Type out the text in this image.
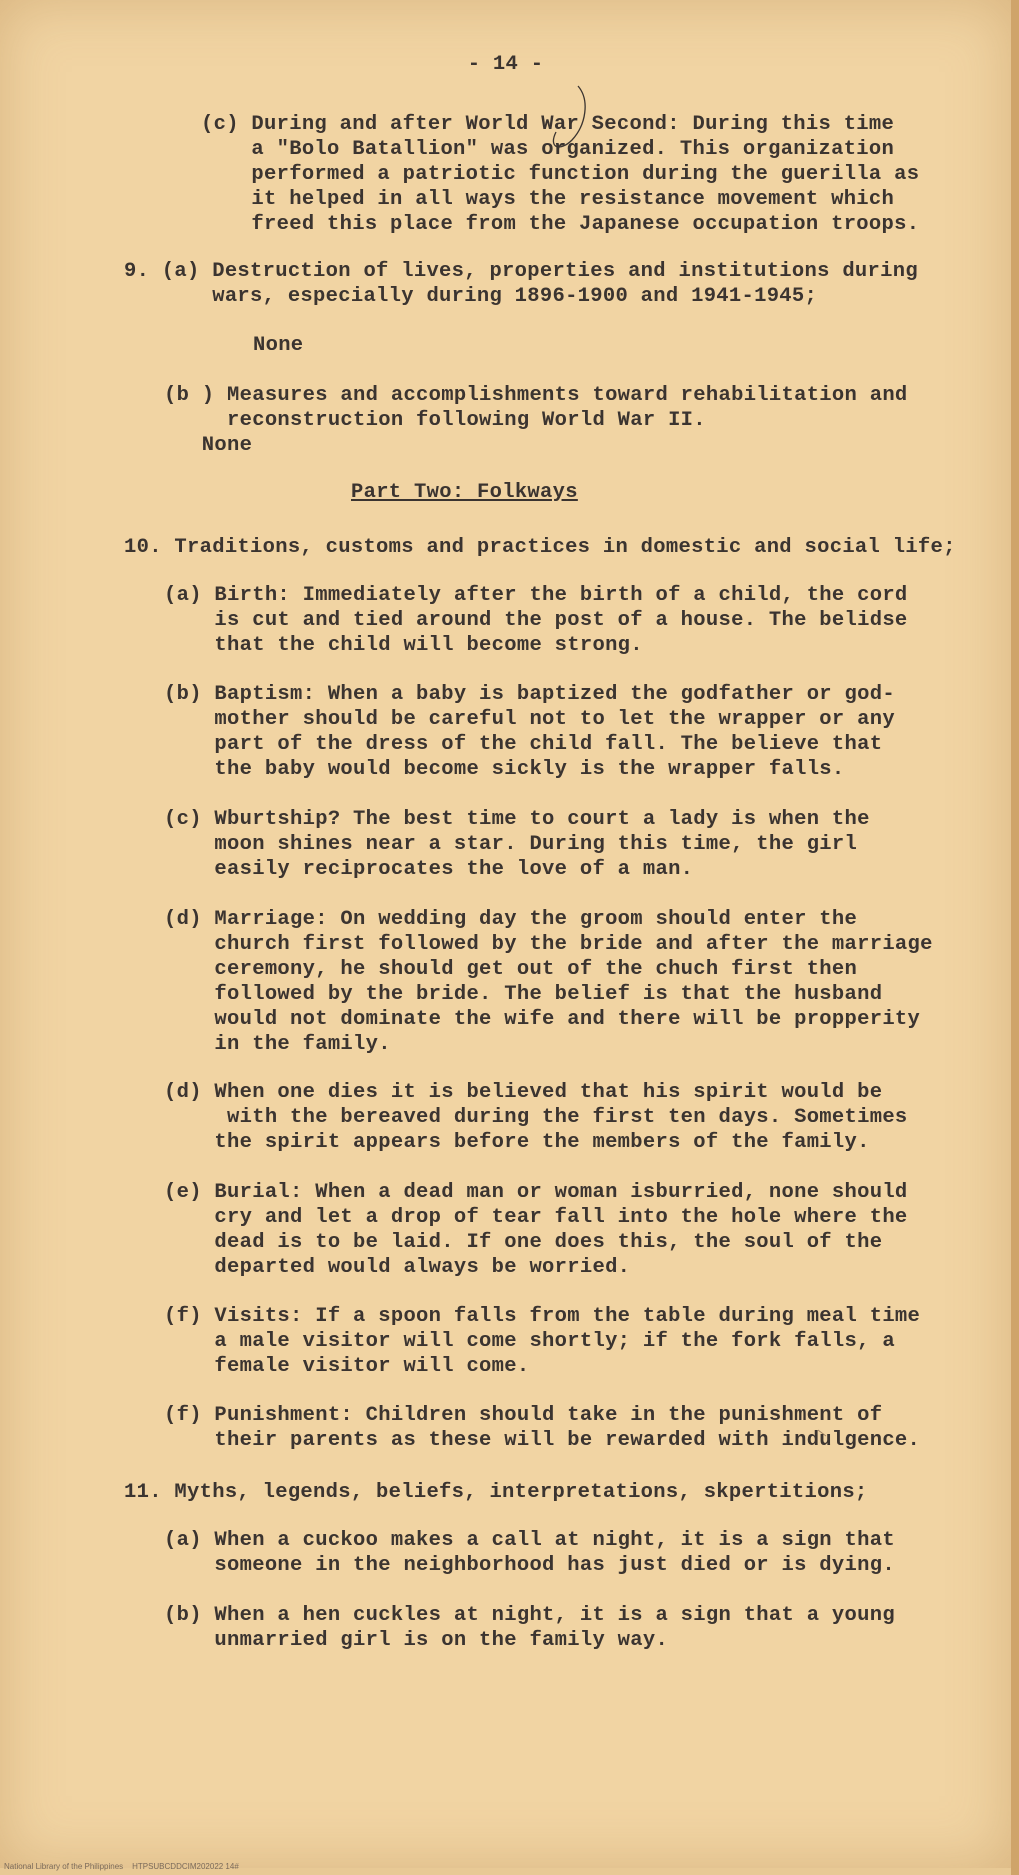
- 14 -

(c) During and after World War Second: During this time
a "Bolo Batallion" was organized. This organization
performed a patriotic function during the guerilla as
it helped in all ways the resistance movement which
freed this place from the Japanese occupation troops.

9. (a) Destruction of lives, properties and institutions during
wars, especially during 1896-1900 and 1941-1945;

None

(b ) Measures and accomplishments toward rehabilitation and
reconstruction following World War II.
None

Part Two: Folkways

10. Traditions, customs and practices in domestic and social life;

(a) Birth: Immediately after the birth of a child, the cord
is cut and tied around the post of a house. The belidse
that the child will become strong.

(b) Baptism: When a baby is baptized the godfather or god-
mother should be careful not to let the wrapper or any
part of the dress of the child fall. The believe that
the baby would become sickly is the wrapper falls.

(c) Wburtship? The best time to court a lady is when the
moon shines near a star. During this time, the girl
easily reciprocates the love of a man.

(d) Marriage: On wedding day the groom should enter the
church first followed by the bride and after the marriage
ceremony, he should get out of the chuch first then
followed by the bride. The belief is that the husband
would not dominate the wife and there will be propperity
in the family.

(d) When one dies it is believed that his spirit would be
with the bereaved during the first ten days. Sometimes
the spirit appears before the members of the family.

(e) Burial: When a dead man or woman isburried, none should
cry and let a drop of tear fall into the hole where the
dead is to be laid. If one does this, the soul of the
departed would always be worried.

(f) Visits: If a spoon falls from the table during meal time
a male visitor will come shortly; if the fork falls, a
female visitor will come.

(f) Punishment: Children should take in the punishment of
their parents as these will be rewarded with indulgence.

11. Myths, legends, beliefs, interpretations, skpertitions;

(a) When a cuckoo makes a call at night, it is a sign that
someone in the neighborhood has just died or is dying.

(b) When a hen cuckles at night, it is a sign that a young
unmarried girl is on the family way.

National Library of the Philippines    HTPSUBCDDCIM202022 14#
